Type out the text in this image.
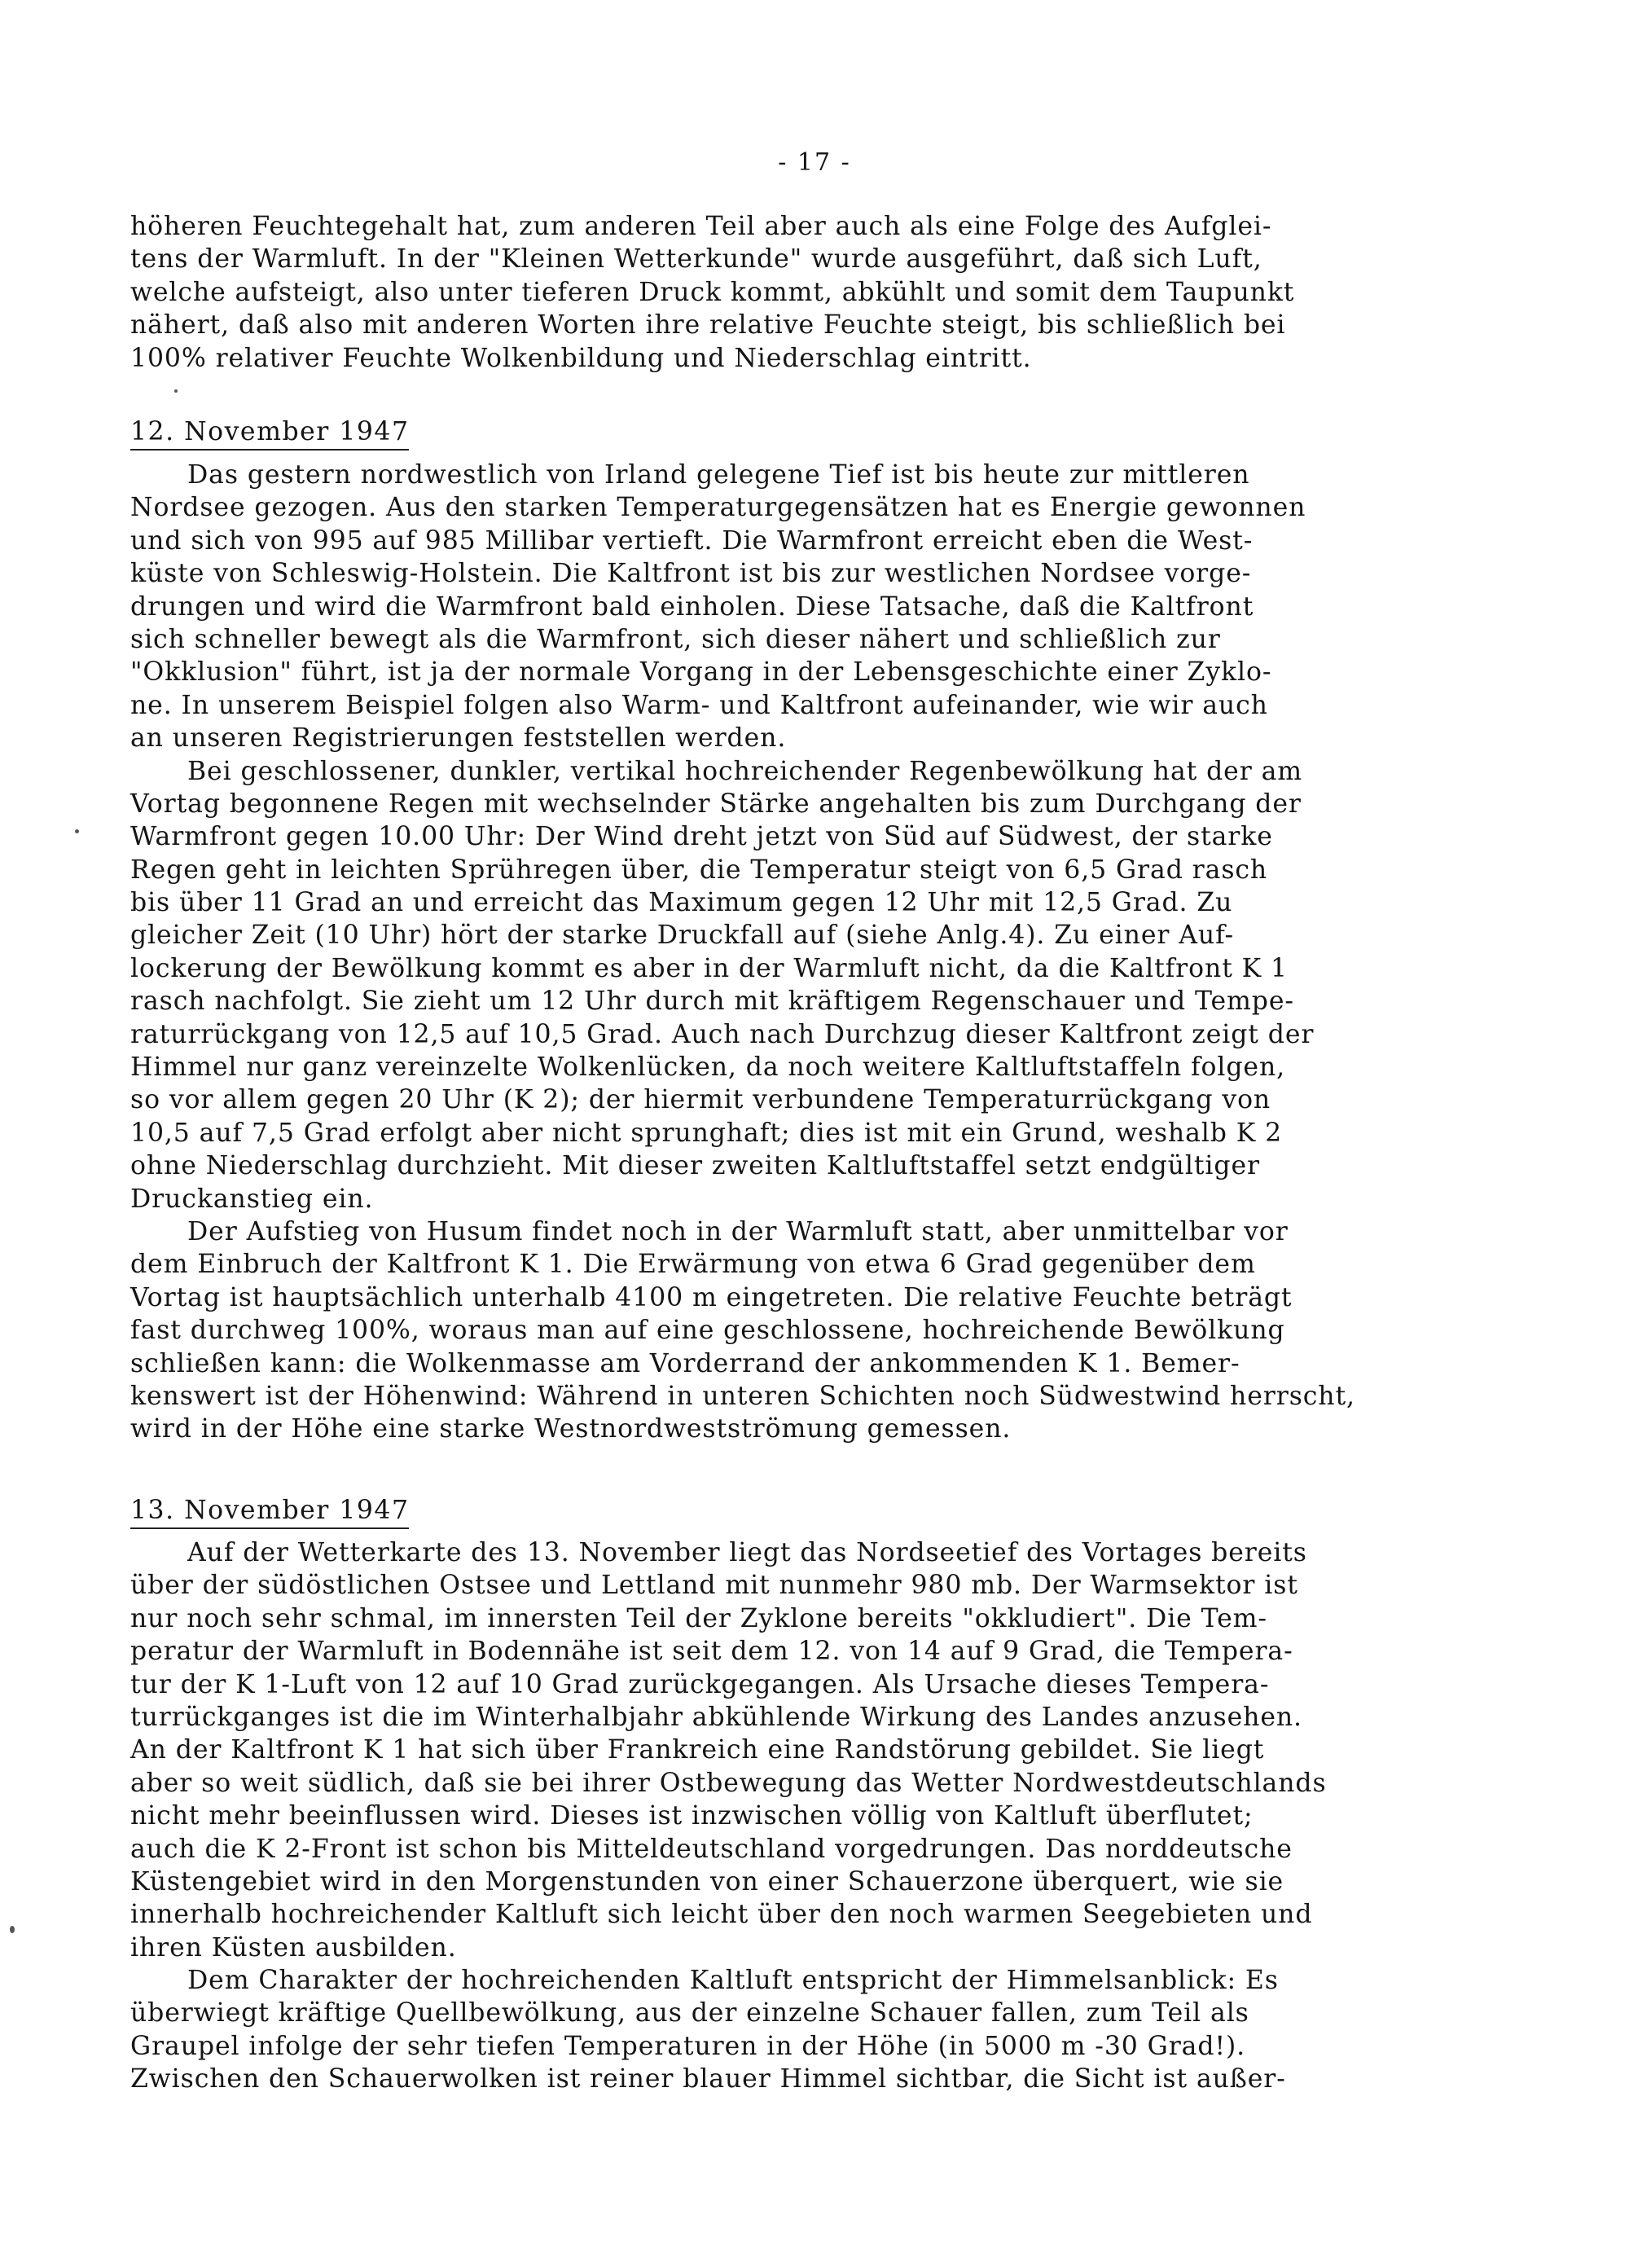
- 17 -
höheren Feuchtegehalt hat, zum anderen Teil aber auch als eine Folge des Aufglei-
tens der Warmluft. In der "Kleinen Wetterkunde" wurde ausgeführt, daß sich Luft,
welche aufsteigt, also unter tieferen Druck kommt, abkühlt und somit dem Taupunkt
nähert, daß also mit anderen Worten ihre relative Feuchte steigt, bis schließlich bei
100% relativer Feuchte Wolkenbildung und Niederschlag eintritt.
12. November 1947
Das gestern nordwestlich von Irland gelegene Tief ist bis heute zur mittleren
Nordsee gezogen. Aus den starken Temperaturgegensätzen hat es Energie gewonnen
und sich von 995 auf 985 Millibar vertieft. Die Warmfront erreicht eben die West-
küste von Schleswig-Holstein. Die Kaltfront ist bis zur westlichen Nordsee vorge-
drungen und wird die Warmfront bald einholen. Diese Tatsache, daß die Kaltfront
sich schneller bewegt als die Warmfront, sich dieser nähert und schließlich zur
"Okklusion" führt, ist ja der normale Vorgang in der Lebensgeschichte einer Zyklo-
ne. In unserem Beispiel folgen also Warm- und Kaltfront aufeinander, wie wir auch
an unseren Registrierungen feststellen werden.
Bei geschlossener, dunkler, vertikal hochreichender Regenbewölkung hat der am
Vortag begonnene Regen mit wechselnder Stärke angehalten bis zum Durchgang der
Warmfront gegen 10.00 Uhr: Der Wind dreht jetzt von Süd auf Südwest, der starke
Regen geht in leichten Sprühregen über, die Temperatur steigt von 6,5 Grad rasch
bis über 11 Grad an und erreicht das Maximum gegen 12 Uhr mit 12,5 Grad. Zu
gleicher Zeit (10 Uhr) hört der starke Druckfall auf (siehe Anlg.4). Zu einer Auf-
lockerung der Bewölkung kommt es aber in der Warmluft nicht, da die Kaltfront K 1
rasch nachfolgt. Sie zieht um 12 Uhr durch mit kräftigem Regenschauer und Tempe-
raturrückgang von 12,5 auf 10,5 Grad. Auch nach Durchzug dieser Kaltfront zeigt der
Himmel nur ganz vereinzelte Wolkenlücken, da noch weitere Kaltluftstaffeln folgen,
so vor allem gegen 20 Uhr (K 2); der hiermit verbundene Temperaturrückgang von
10,5 auf 7,5 Grad erfolgt aber nicht sprunghaft; dies ist mit ein Grund, weshalb K 2
ohne Niederschlag durchzieht. Mit dieser zweiten Kaltluftstaffel setzt endgültiger
Druckanstieg ein.
Der Aufstieg von Husum findet noch in der Warmluft statt, aber unmittelbar vor
dem Einbruch der Kaltfront K 1. Die Erwärmung von etwa 6 Grad gegenüber dem
Vortag ist hauptsächlich unterhalb 4100 m eingetreten. Die relative Feuchte beträgt
fast durchweg 100%, woraus man auf eine geschlossene, hochreichende Bewölkung
schließen kann: die Wolkenmasse am Vorderrand der ankommenden K 1. Bemer-
kenswert ist der Höhenwind: Während in unteren Schichten noch Südwestwind herrscht,
wird in der Höhe eine starke Westnordwestströmung gemessen.
13. November 1947
Auf der Wetterkarte des 13. November liegt das Nordseetief des Vortages bereits
über der südöstlichen Ostsee und Lettland mit nunmehr 980 mb. Der Warmsektor ist
nur noch sehr schmal, im innersten Teil der Zyklone bereits "okkludiert". Die Tem-
peratur der Warmluft in Bodennähe ist seit dem 12. von 14 auf 9 Grad, die Tempera-
tur der K 1-Luft von 12 auf 10 Grad zurückgegangen. Als Ursache dieses Tempera-
turrückganges ist die im Winterhalbjahr abkühlende Wirkung des Landes anzusehen.
An der Kaltfront K 1 hat sich über Frankreich eine Randstörung gebildet. Sie liegt
aber so weit südlich, daß sie bei ihrer Ostbewegung das Wetter Nordwestdeutschlands
nicht mehr beeinflussen wird. Dieses ist inzwischen völlig von Kaltluft überflutet;
auch die K 2-Front ist schon bis Mitteldeutschland vorgedrungen. Das norddeutsche
Küstengebiet wird in den Morgenstunden von einer Schauerzone überquert, wie sie
innerhalb hochreichender Kaltluft sich leicht über den noch warmen Seegebieten und
ihren Küsten ausbilden.
Dem Charakter der hochreichenden Kaltluft entspricht der Himmelsanblick: Es
überwiegt kräftige Quellbewölkung, aus der einzelne Schauer fallen, zum Teil als
Graupel infolge der sehr tiefen Temperaturen in der Höhe (in 5000 m -30 Grad!).
Zwischen den Schauerwolken ist reiner blauer Himmel sichtbar, die Sicht ist außer-
